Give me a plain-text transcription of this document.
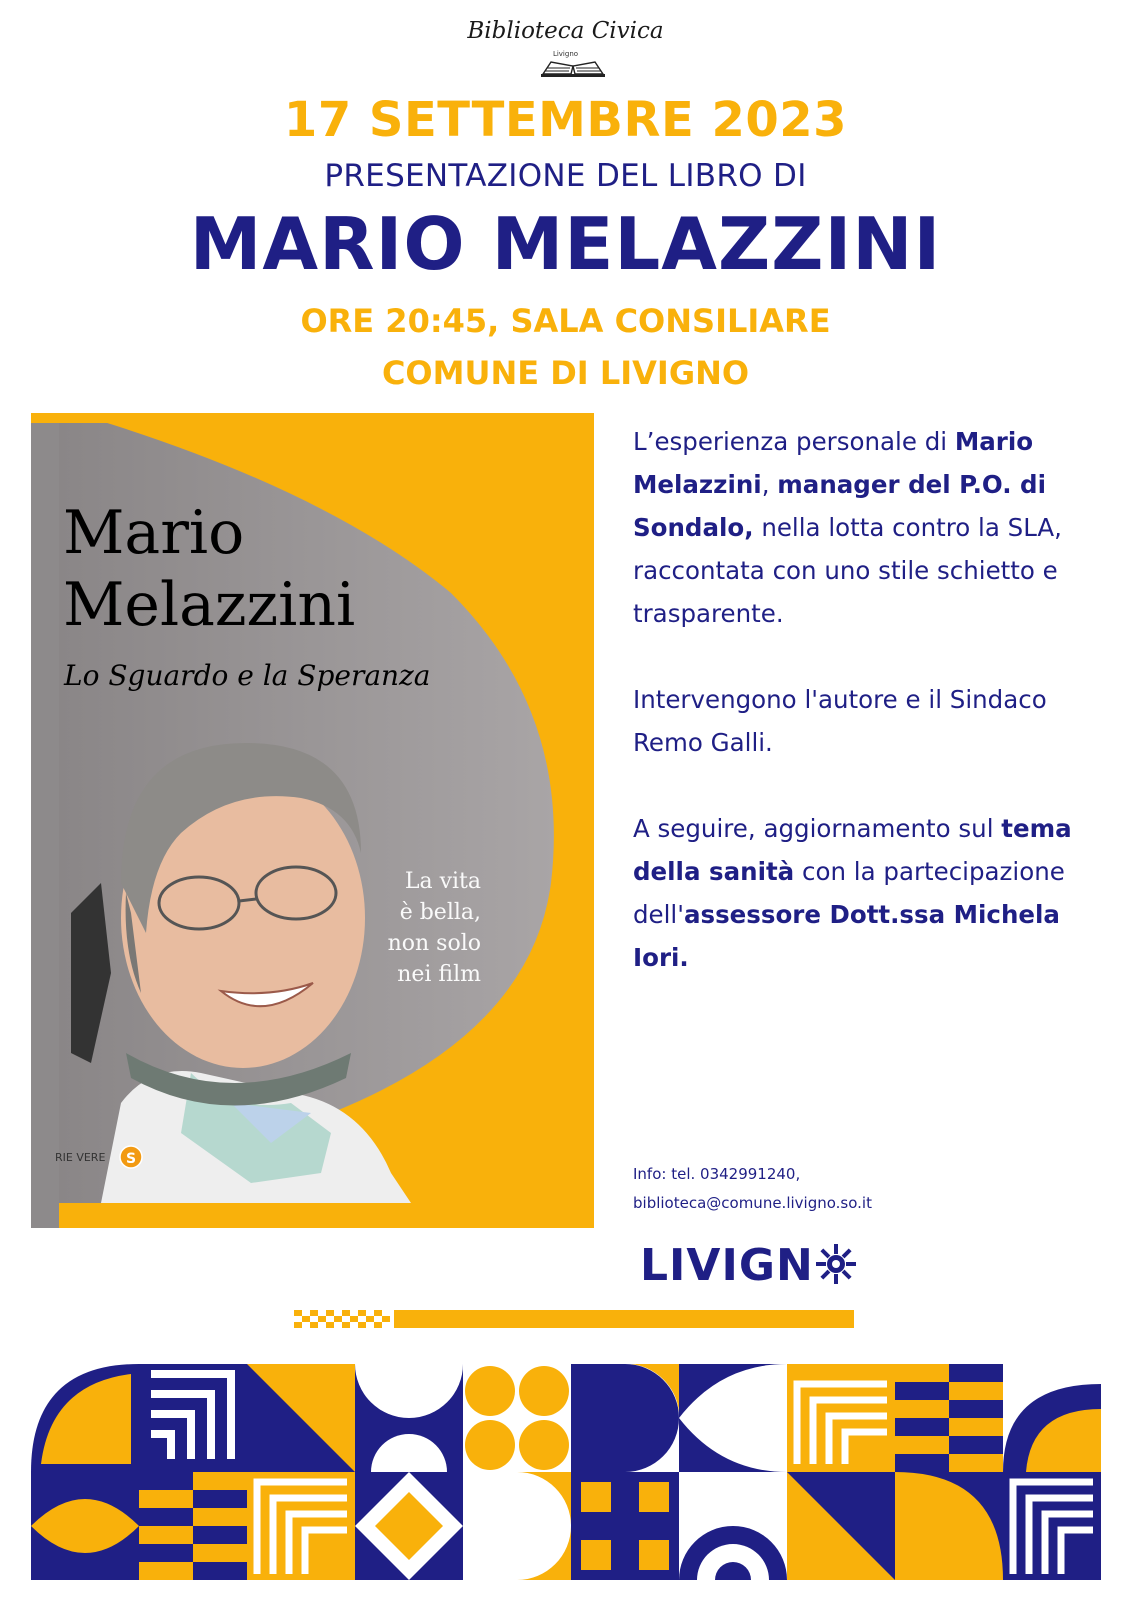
Biblioteca Civica
Livigno
17 SETTEMBRE 2023
PRESENTAZIONE DEL LIBRO DI
MARIO MELAZZINI
ORE 20:45, SALA CONSILIARE
COMUNE DI LIVIGNO
Mario
Melazzini
Lo Sguardo e la Speranza
La vita
è bella,
non solo
nei film
RIE VERE S

L’esperienza personale di Mario Melazzini, manager del P.O. di Sondalo, nella lotta contro la SLA, raccontata con uno stile schietto e trasparente.

Intervengono l'autore e il Sindaco Remo Galli.

A seguire, aggiornamento sul tema della sanità con la partecipazione dell'assessore Dott.ssa Michela Iori.

Info: tel. 0342991240,
biblioteca@comune.livigno.so.it
LIVIGN
